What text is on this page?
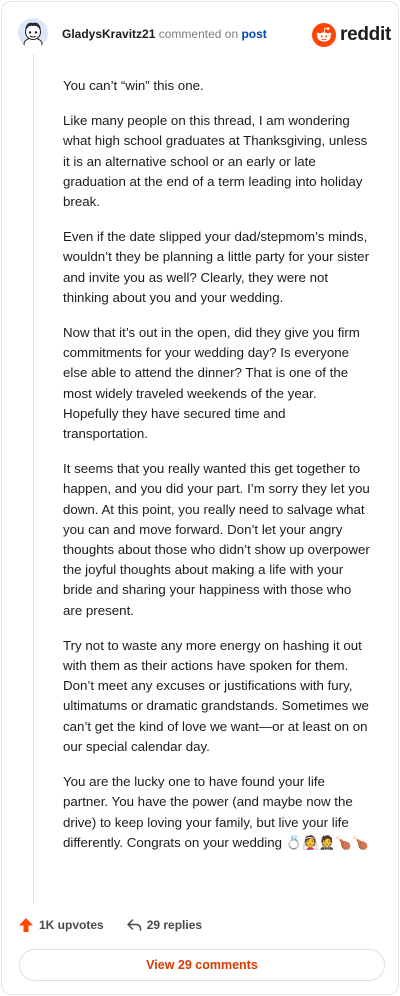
GladysKravitz21 commented on post	reddit

You can’t “win” this one.

Like many people on this thread, I am wondering what high school graduates at Thanksgiving, unless it is an alternative school or an early or late graduation at the end of a term leading into holiday break.

Even if the date slipped your dad/stepmom’s minds, wouldn’t they be planning a little party for your sister and invite you as well? Clearly, they were not thinking about you and your wedding.

Now that it’s out in the open, did they give you firm commitments for your wedding day? Is everyone else able to attend the dinner? That is one of the most widely traveled weekends of the year. Hopefully they have secured time and transportation.

It seems that you really wanted this get together to happen, and you did your part. I’m sorry they let you down. At this point, you really need to salvage what you can and move forward. Don’t let your angry thoughts about those who didn’t show up overpower the joyful thoughts about making a life with your bride and sharing your happiness with those who are present.

Try not to waste any more energy on hashing it out with them as their actions have spoken for them. Don’t meet any excuses or justifications with fury, ultimatums or dramatic grandstands. Sometimes we can’t get the kind of love we want—or at least on on our special calendar day.

You are the lucky one to have found your life partner. You have the power (and maybe now the drive) to keep loving your family, but live your life differently. Congrats on your wedding 💍👰🤵🍗🍗

1K upvotes	29 replies
View 29 comments
